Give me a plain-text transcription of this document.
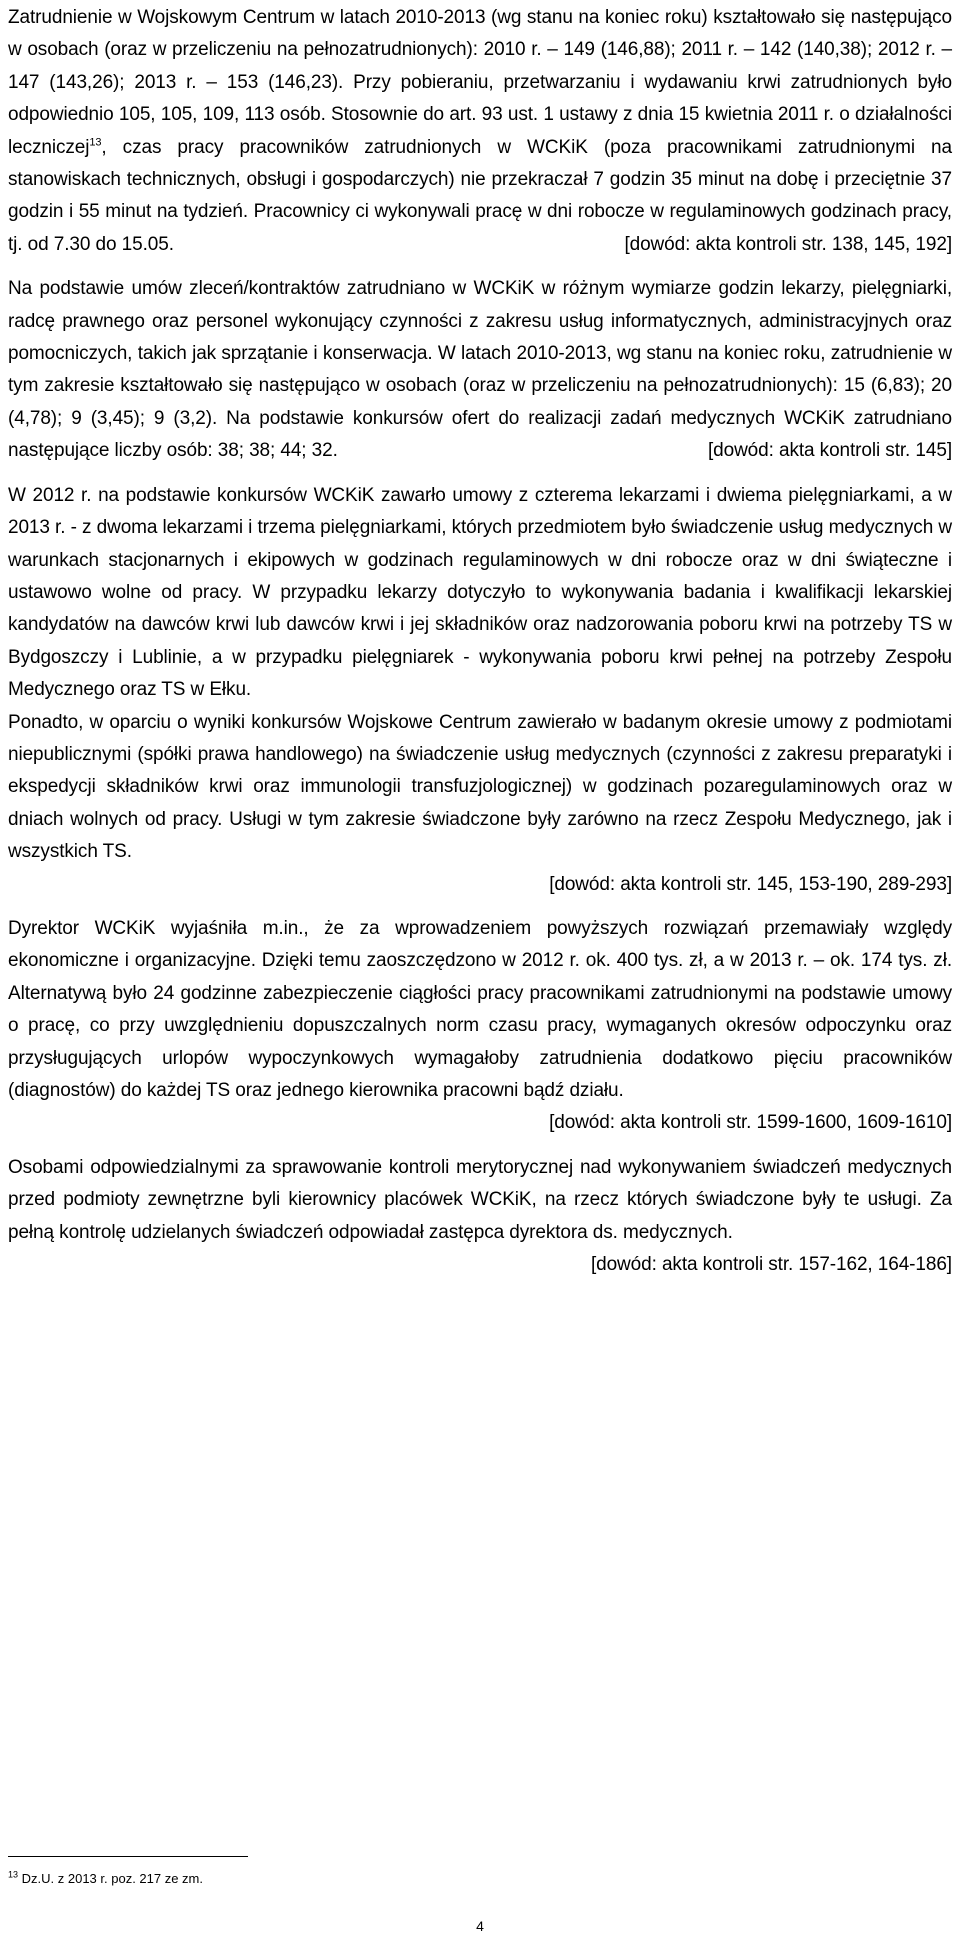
Zatrudnienie w Wojskowym Centrum w latach 2010-2013 (wg stanu na koniec roku) kształtowało się następująco w osobach (oraz w przeliczeniu na pełnozatrudnionych): 2010 r. – 149 (146,88); 2011 r. – 142 (140,38); 2012 r. – 147 (143,26); 2013 r. – 153 (146,23). Przy pobieraniu, przetwarzaniu i wydawaniu krwi zatrudnionych było odpowiednio 105, 105, 109, 113 osób. Stosownie do art. 93 ust. 1 ustawy z dnia 15 kwietnia 2011 r. o działalności leczniczej$^{13}$, czas pracy pracowników zatrudnionych w WCKiK (poza pracownikami zatrudnionymi na stanowiskach technicznych, obsługi i gospodarczych) nie przekraczał 7 godzin 35 minut na dobę i przeciętnie 37 godzin i 55 minut na tydzień. Pracownicy ci wykonywali pracę w dni robocze w regulaminowych godzinach pracy, tj. od 7.30 do 15.05.	[dowód: akta kontroli str. 138, 145, 192]

Na podstawie umów zleceń/kontraktów zatrudniano w WCKiK w różnym wymiarze godzin lekarzy, pielęgniarki, radcę prawnego oraz personel wykonujący czynności z zakresu usług informatycznych, administracyjnych oraz pomocniczych, takich jak sprzątanie i konserwacja. W latach 2010-2013, wg stanu na koniec roku, zatrudnienie w tym zakresie kształtowało się następująco w osobach (oraz w przeliczeniu na pełnozatrudnionych): 15 (6,83); 20 (4,78); 9 (3,45); 9 (3,2). Na podstawie konkursów ofert do realizacji zadań medycznych WCKiK zatrudniano następujące liczby osób: 38; 38; 44; 32.	[dowód: akta kontroli str. 145]

W 2012 r. na podstawie konkursów WCKiK zawarło umowy z czterema lekarzami i dwiema pielęgniarkami, a w 2013 r. - z dwoma lekarzami i trzema pielęgniarkami, których przedmiotem było świadczenie usług medycznych w warunkach stacjonarnych i ekipowych w godzinach regulaminowych w dni robocze oraz w dni świąteczne i ustawowo wolne od pracy. W przypadku lekarzy dotyczyło to wykonywania badania i kwalifikacji lekarskiej kandydatów na dawców krwi lub dawców krwi i jej składników oraz nadzorowania poboru krwi na potrzeby TS w Bydgoszczy i Lublinie, a w przypadku pielęgniarek - wykonywania poboru krwi pełnej na potrzeby Zespołu Medycznego oraz TS w Ełku.

Ponadto, w oparciu o wyniki konkursów Wojskowe Centrum zawierało w badanym okresie umowy z podmiotami niepublicznymi (spółki prawa handlowego) na świadczenie usług medycznych (czynności z zakresu preparatyki i ekspedycji składników krwi oraz immunologii transfuzjologicznej) w godzinach pozaregulaminowych oraz w dniach wolnych od pracy. Usługi w tym zakresie świadczone były zarówno na rzecz Zespołu Medycznego, jak i wszystkich TS.

[dowód: akta kontroli str. 145, 153-190, 289-293]

Dyrektor WCKiK wyjaśniła m.in., że za wprowadzeniem powyższych rozwiązań przemawiały względy ekonomiczne i organizacyjne. Dzięki temu zaoszczędzono w 2012 r. ok. 400 tys. zł, a w 2013 r. – ok. 174 tys. zł. Alternatywą było 24 godzinne zabezpieczenie ciągłości pracy pracownikami zatrudnionymi na podstawie umowy o pracę, co przy uwzględnieniu dopuszczalnych norm czasu pracy, wymaganych okresów odpoczynku oraz przysługujących urlopów wypoczynkowych wymagałoby zatrudnienia dodatkowo pięciu pracowników (diagnostów) do każdej TS oraz jednego kierownika pracowni bądź działu.

[dowód: akta kontroli str. 1599-1600, 1609-1610]

Osobami odpowiedzialnymi za sprawowanie kontroli merytorycznej nad wykonywaniem świadczeń medycznych przed podmioty zewnętrzne byli kierownicy placówek WCKiK, na rzecz których świadczone były te usługi. Za pełną kontrolę udzielanych świadczeń odpowiadał zastępca dyrektora ds. medycznych.

[dowód: akta kontroli str. 157-162, 164-186]

$^{13}$ Dz.U. z 2013 r. poz. 217 ze zm.
4
